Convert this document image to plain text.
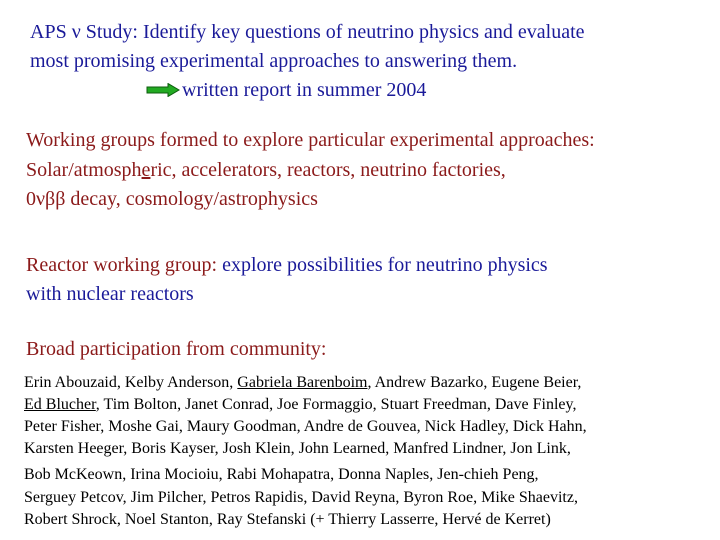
APS ν Study: Identify key questions of neutrino physics and evaluate
most promising experimental approaches to answering them.
written report in summer 2004
Working groups formed to explore particular experimental approaches:
Solar/atmospheric, accelerators, reactors, neutrino factories,
0νββ decay, cosmology/astrophysics
Reactor working group: explore possibilities for neutrino physics
with nuclear reactors
Broad participation from community:
Erin Abouzaid, Kelby Anderson, Gabriela Barenboim, Andrew Bazarko, Eugene Beier,
Ed Blucher, Tim Bolton, Janet Conrad, Joe Formaggio, Stuart Freedman, Dave Finley,
Peter Fisher, Moshe Gai, Maury Goodman, Andre de Gouvea, Nick Hadley, Dick Hahn,
Karsten Heeger, Boris Kayser, Josh Klein, John Learned, Manfred Lindner, Jon Link,
Bob McKeown, Irina Mocioiu, Rabi Mohapatra, Donna Naples, Jen-chieh Peng,
Serguey Petcov, Jim Pilcher, Petros Rapidis, David Reyna, Byron Roe, Mike Shaevitz,
Robert Shrock, Noel Stanton, Ray Stefanski (+ Thierry Lasserre, Hervé de Kerret)
